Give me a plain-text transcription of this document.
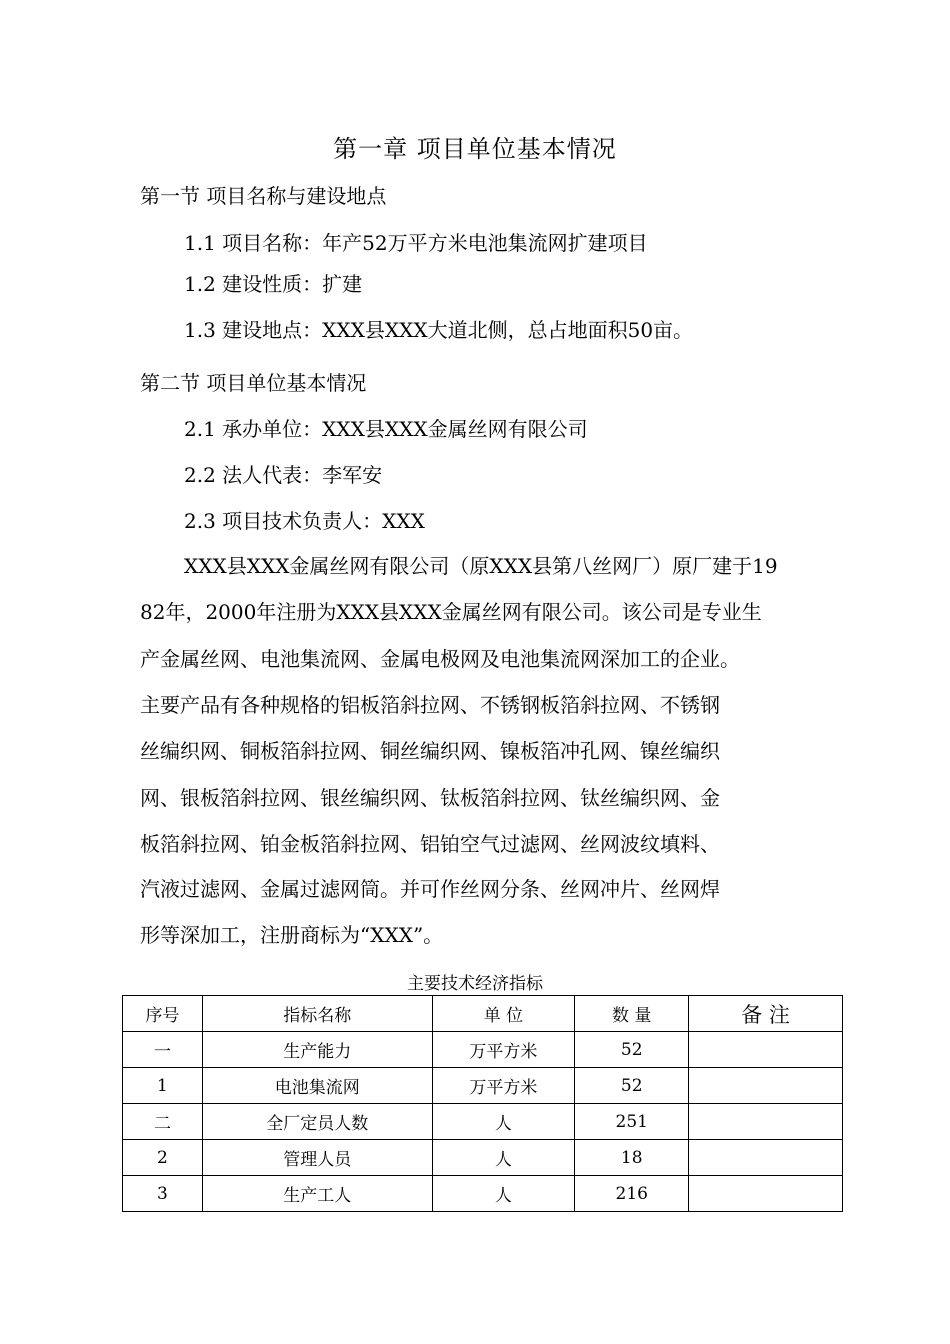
第一章 项目单位基本情况
第一节 项目名称与建设地点
1.1 项目名称：年产52万平方米电池集流网扩建项目
1.2 建设性质：扩建
1.3 建设地点：XXX县XXX大道北侧，总占地面积50亩。
第二节 项目单位基本情况
2.1 承办单位：XXX县XXX金属丝网有限公司
2.2 法人代表：李军安
2.3 项目技术负责人：XXX
XXX县XXX金属丝网有限公司（原XXX县第八丝网厂）原厂建于19
82年，2000年注册为XXX县XXX金属丝网有限公司。该公司是专业生
产金属丝网、电池集流网、金属电极网及电池集流网深加工的企业。
主要产品有各种规格的铝板箔斜拉网、不锈钢板箔斜拉网、不锈钢
丝编织网、铜板箔斜拉网、铜丝编织网、镍板箔冲孔网、镍丝编织
网、银板箔斜拉网、银丝编织网、钛板箔斜拉网、钛丝编织网、金
板箔斜拉网、铂金板箔斜拉网、铝铂空气过滤网、丝网波纹填料、
汽液过滤网、金属过滤网筒。并可作丝网分条、丝网冲片、丝网焊
形等深加工，注册商标为“XXX”。
主要技术经济指标
序号	指标名称	单 位	数 量	备 注
一	生产能力	万平方米	52	
1	电池集流网	万平方米	52	
二	全厂定员人数	人	251	
2	管理人员	人	18	
3	生产工人	人	216	
